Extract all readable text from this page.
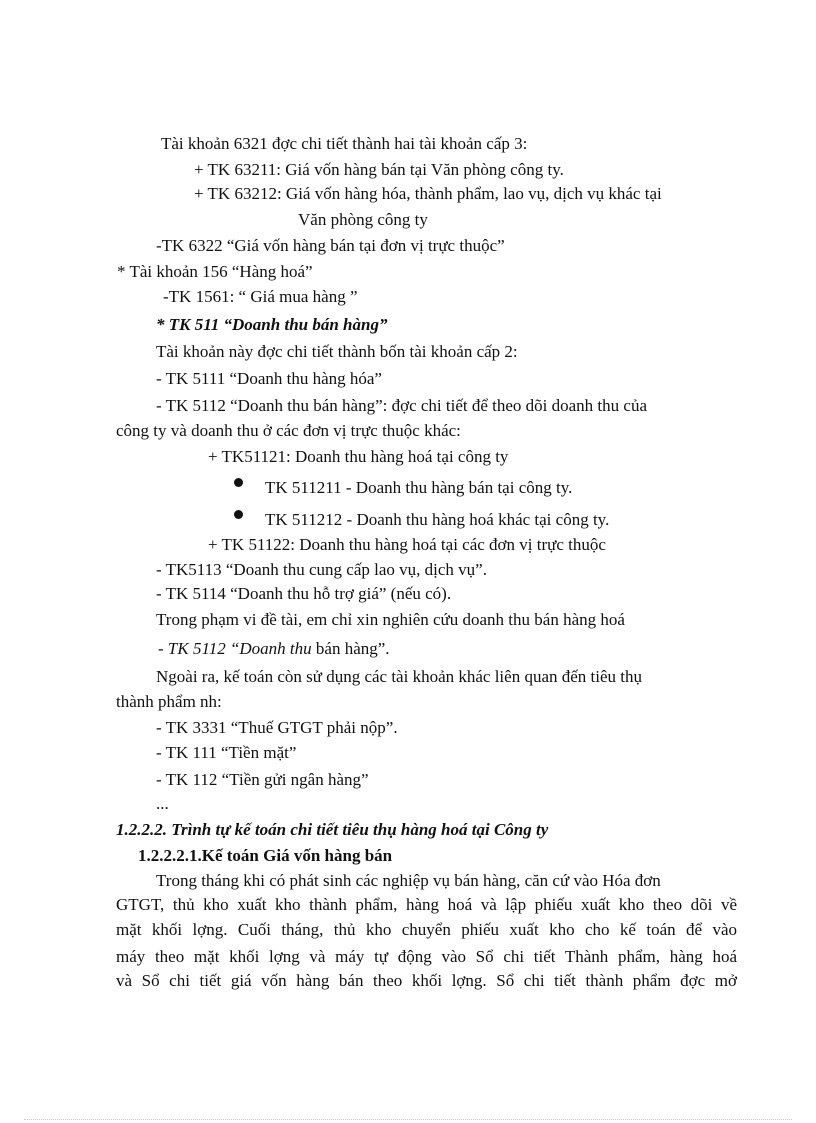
Tài khoản 6321 đợc chi tiết thành hai tài khoản cấp 3:
+ TK 63211: Giá vốn hàng bán tại Văn phòng công ty.
+ TK 63212: Giá vốn hàng hóa, thành phẩm, lao vụ, dịch vụ khác tại
Văn phòng công ty
-TK 6322 “Giá vốn hàng bán tại đơn vị trực thuộc”
* Tài khoản 156 “Hàng hoá”
-TK 1561: “ Giá mua hàng ”
* TK 511 “Doanh thu bán hàng”
Tài khoản này đợc chi tiết thành bốn tài khoản cấp 2:
- TK 5111 “Doanh thu hàng hóa”
- TK 5112 “Doanh thu bán hàng”: đợc chi tiết để theo dõi doanh thu của
công ty và doanh thu ở các đơn vị trực thuộc khác:
+ TK51121: Doanh thu hàng hoá tại công ty
TK 511211 - Doanh thu hàng bán tại công ty.
TK 511212 - Doanh thu hàng hoá khác tại công ty.
+ TK 51122: Doanh thu hàng hoá tại các đơn vị trực thuộc
- TK5113 “Doanh thu cung cấp lao vụ, dịch vụ”.
- TK 5114 “Doanh thu hỗ trợ giá” (nếu có).
Trong phạm vi đề tài, em chỉ xin nghiên cứu doanh thu bán hàng hoá
- TK 5112 “Doanh thu bán hàng”.
Ngoài ra, kế toán còn sử dụng các tài khoản khác liên quan đến tiêu thụ
thành phẩm nh:
- TK 3331 “Thuế GTGT phải nộp”.
- TK 111 “Tiền mặt”
- TK 112 “Tiền gửi ngân hàng”
...
1.2.2.2. Trình tự kế toán chi tiết tiêu thụ hàng hoá tại Công ty
1.2.2.2.1.Kế toán Giá vốn hàng bán
Trong tháng khi có phát sinh các nghiệp vụ bán hàng, căn cứ vào Hóa đơn
GTGT, thủ kho xuất kho thành phẩm, hàng hoá và lập phiếu xuất kho theo dõi về
mặt khối lợng. Cuối tháng, thủ kho chuyển phiếu xuất kho cho kế toán để vào
máy theo mặt khối lợng và máy tự động vào Sổ chi tiết Thành phẩm, hàng hoá
và Sổ chi tiết giá vốn hàng bán theo khối lợng. Sổ chi tiết thành phẩm đợc mở
